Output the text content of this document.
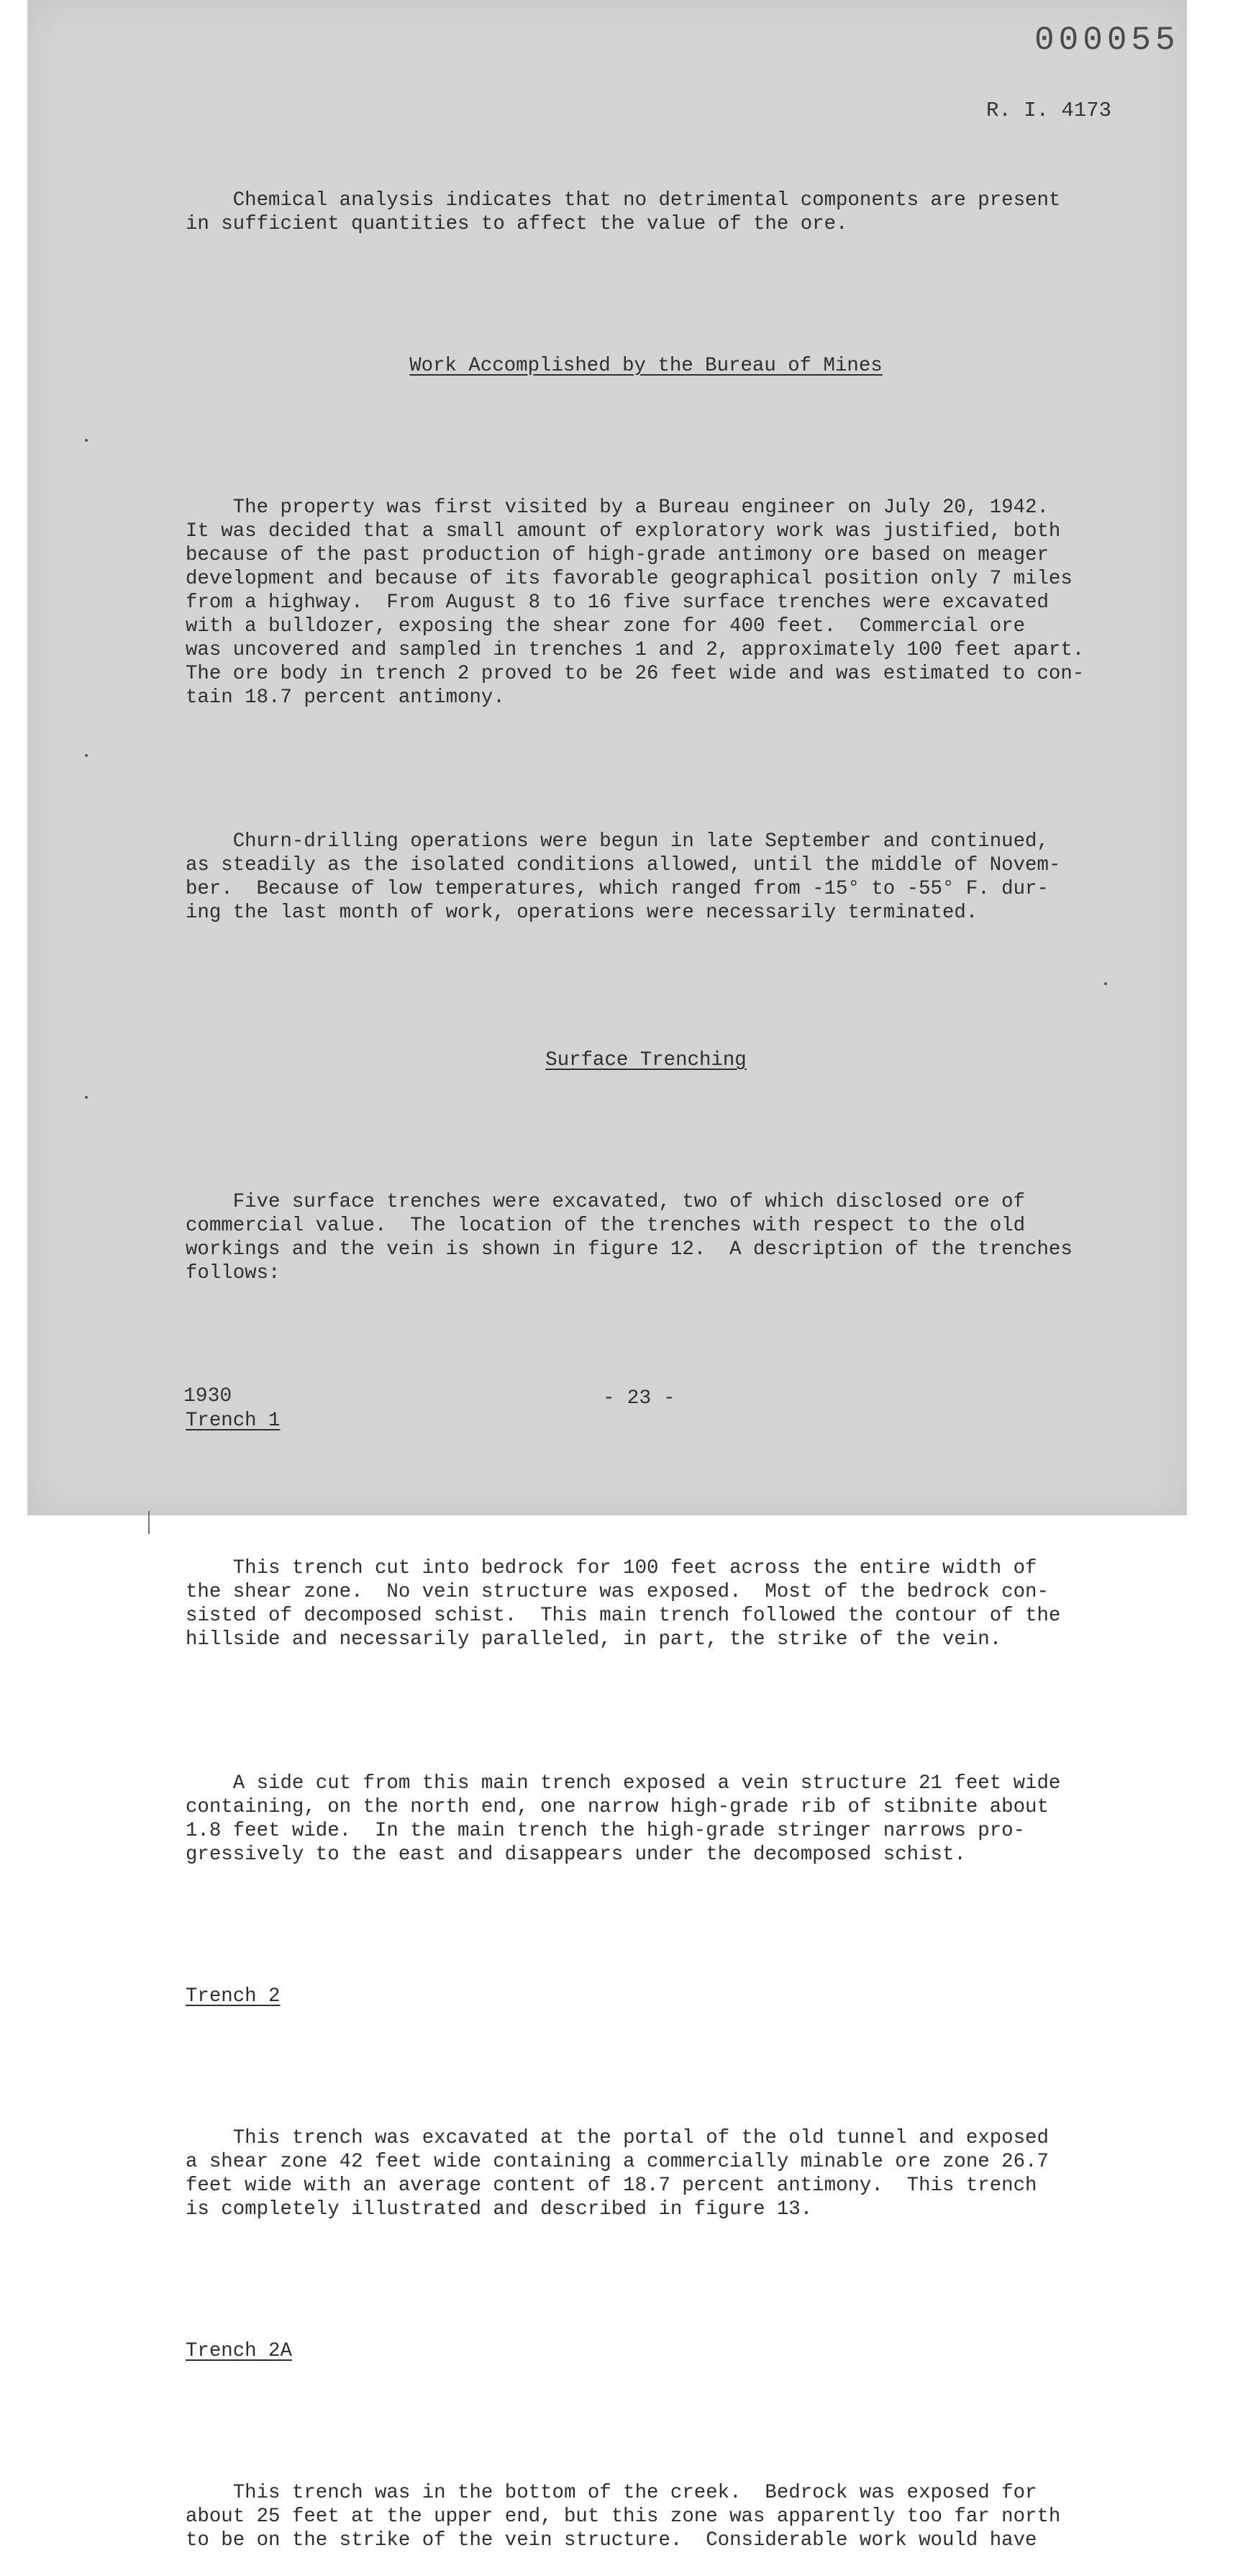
000055
R. I. 4173

Chemical analysis indicates that no detrimental components are present
in sufficient quantities to affect the value of the ore.

Work Accomplished by the Bureau of Mines

The property was first visited by a Bureau engineer on July 20, 1942.
It was decided that a small amount of exploratory work was justified, both
because of the past production of high-grade antimony ore based on meager
development and because of its favorable geographical position only 7 miles
from a highway.  From August 8 to 16 five surface trenches were excavated
with a bulldozer, exposing the shear zone for 400 feet.  Commercial ore
was uncovered and sampled in trenches 1 and 2, approximately 100 feet apart.
The ore body in trench 2 proved to be 26 feet wide and was estimated to con-
tain 18.7 percent antimony.

Churn-drilling operations were begun in late September and continued,
as steadily as the isolated conditions allowed, until the middle of Novem-
ber.  Because of low temperatures, which ranged from -15° to -55° F. dur-
ing the last month of work, operations were necessarily terminated.

Surface Trenching

Five surface trenches were excavated, two of which disclosed ore of
commercial value.  The location of the trenches with respect to the old
workings and the vein is shown in figure 12.  A description of the trenches
follows:

Trench 1

This trench cut into bedrock for 100 feet across the entire width of
the shear zone.  No vein structure was exposed.  Most of the bedrock con-
sisted of decomposed schist.  This main trench followed the contour of the
hillside and necessarily paralleled, in part, the strike of the vein.

A side cut from this main trench exposed a vein structure 21 feet wide
containing, on the north end, one narrow high-grade rib of stibnite about
1.8 feet wide.  In the main trench the high-grade stringer narrows pro-
gressively to the east and disappears under the decomposed schist.

Trench 2

This trench was excavated at the portal of the old tunnel and exposed
a shear zone 42 feet wide containing a commercially minable ore zone 26.7
feet wide with an average content of 18.7 percent antimony.  This trench
is completely illustrated and described in figure 13.

Trench 2A

This trench was in the bottom of the creek.  Bedrock was exposed for
about 25 feet at the upper end, but this zone was apparently too far north
to be on the strike of the vein structure.  Considerable work would have

1930	- 23 -
